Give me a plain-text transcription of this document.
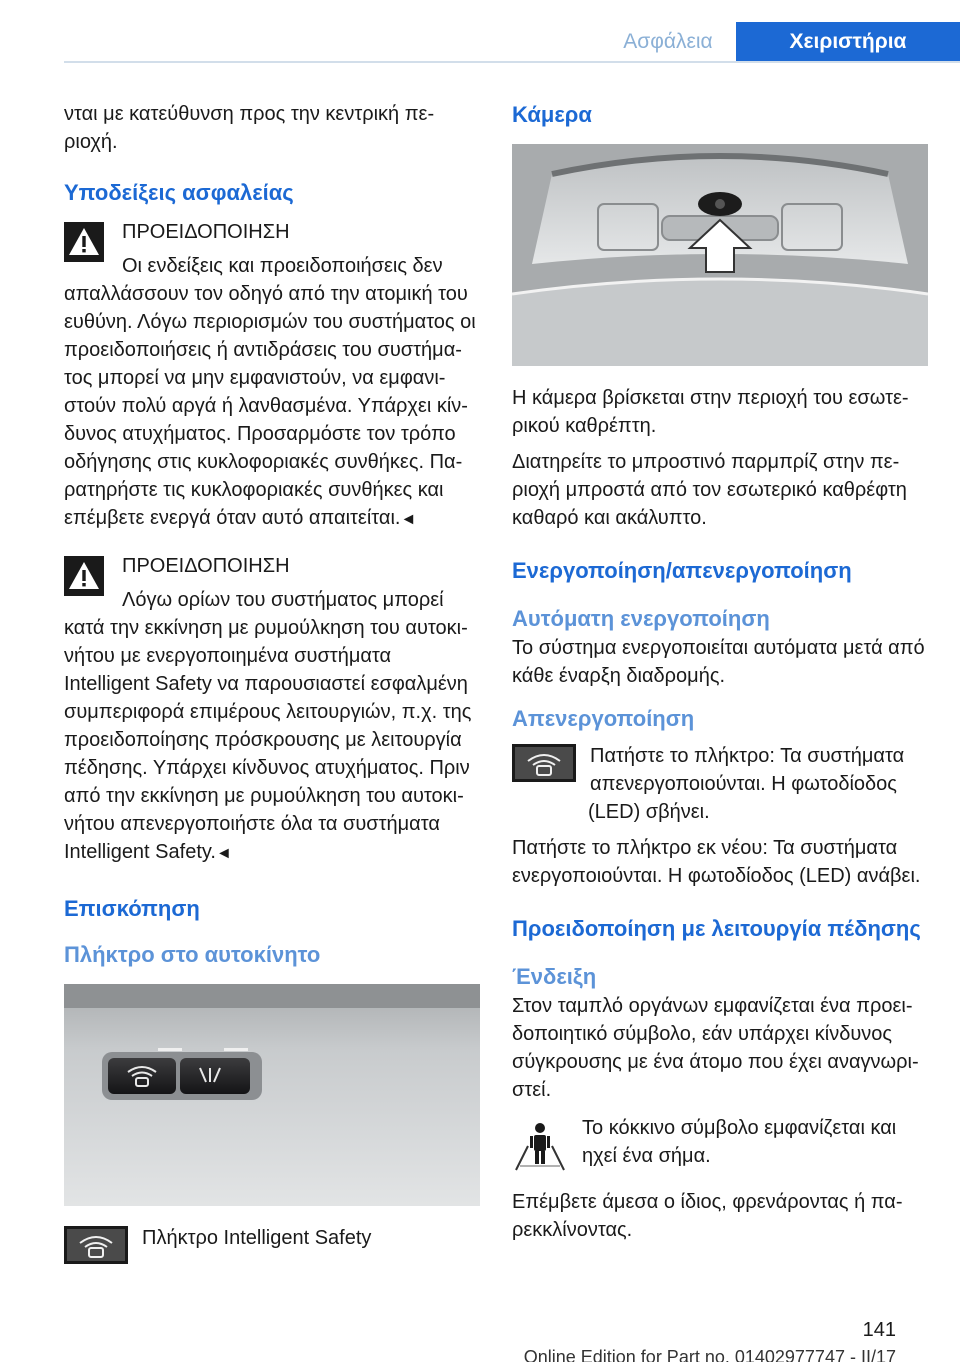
Ασφάλεια	Χειριστήρια

νται με κατεύθυνση προς την κεντρική περιοχή.

Υποδείξεις ασφαλείας
ΠΡΟΕΙΔΟΠΟΙΗΣΗ

Οι ενδείξεις και προειδοποιήσεις δεν απαλλάσσουν τον οδηγό από την ατομική του ευθύνη. Λόγω περιορισμών του συστήματος οι προειδοποιήσεις ή αντιδράσεις του συστήματος μπορεί να μην εμφανιστούν, να εμφανιστούν πολύ αργά ή λανθασμένα. Υπάρχει κίνδυνος ατυχήματος. Προσαρμόστε τον τρόπο οδήγησης στις κυκλοφοριακές συνθήκες. Παρατηρήστε τις κυκλοφοριακές συνθήκες και επέμβετε ενεργά όταν αυτό απαιτείται.◄

ΠΡΟΕΙΔΟΠΟΙΗΣΗ

Λόγω ορίων του συστήματος μπορεί κατά την εκκίνηση με ρυμούλκηση του αυτοκινήτου με ενεργοποιημένα συστήματα Intelligent Safety να παρουσιαστεί εσφαλμένη συμπεριφορά επιμέρους λειτουργιών, π.χ. της προειδοποίησης πρόσκρουσης με λειτουργία πέδησης. Υπάρχει κίνδυνος ατυχήματος. Πριν από την εκκίνηση με ρυμούλκηση του αυτοκινήτου απενεργοποιήστε όλα τα συστήματα Intelligent Safety.◄

Επισκόπηση
Πλήκτρο στο αυτοκίνητο
Πλήκτρο Intelligent Safety
Κάμερα

Η κάμερα βρίσκεται στην περιοχή του εσωτερικού καθρέπτη.

Διατηρείτε το μπροστινό παρμπρίζ στην περιοχή μπροστά από τον εσωτερικό καθρέφτη καθαρό και ακάλυπτο.

Ενεργοποίηση/απενεργοποίηση
Αυτόματη ενεργοποίηση

Το σύστημα ενεργοποιείται αυτόματα μετά από κάθε έναρξη διαδρομής.

Απενεργοποίηση

Πατήστε το πλήκτρο: Τα συστήματα απενεργοποιούνται. Η φωτοδίοδος (LED) σβήνει.

Πατήστε το πλήκτρο εκ νέου: Τα συστήματα ενεργοποιούνται. Η φωτοδίοδος (LED) ανάβει.

Προειδοποίηση με λειτουργία πέδησης
Ένδειξη

Στον ταμπλό οργάνων εμφανίζεται ένα προειδοποιητικό σύμβολο, εάν υπάρχει κίνδυνος σύγκρουσης με ένα άτομο που έχει αναγνωριστεί.

Το κόκκινο σύμβολο εμφανίζεται και ηχεί ένα σήμα.

Επέμβετε άμεσα ο ίδιος, φρενάροντας ή παρεκκλίνοντας.

141
Online Edition for Part no. 01402977747 - II/17
